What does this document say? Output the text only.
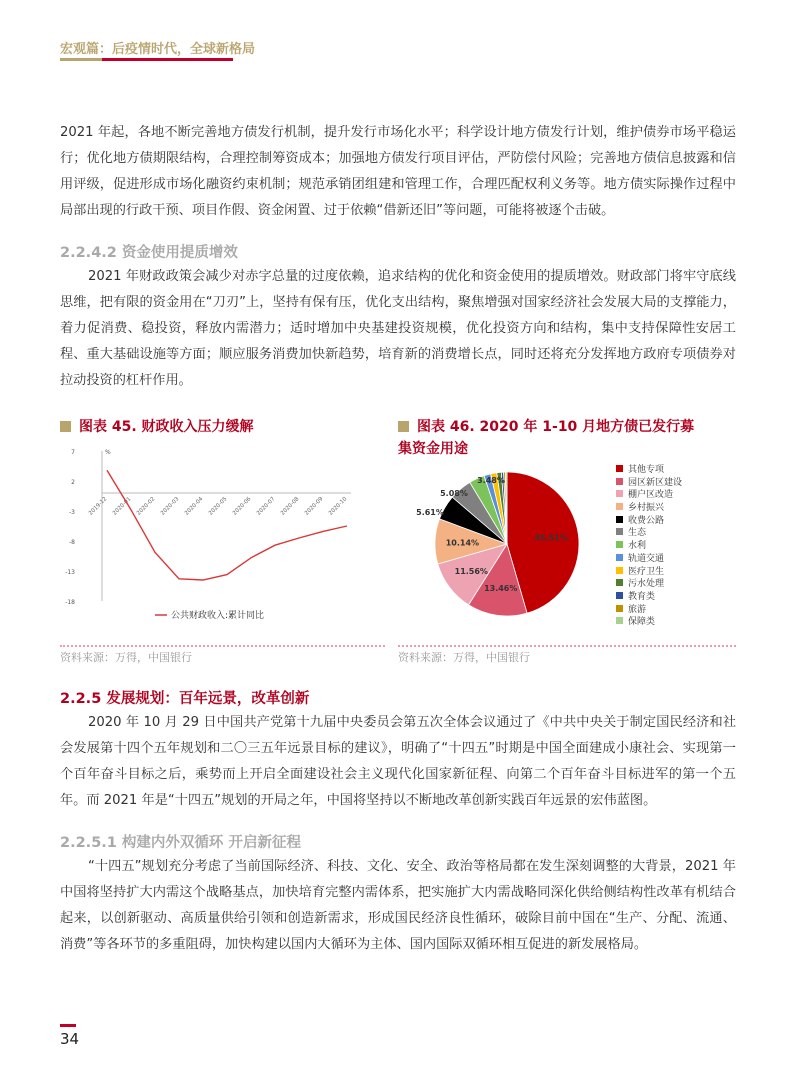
宏观篇：后疫情时代，全球新格局
2021 年起，各地不断完善地方债发行机制，提升发行市场化水平；科学设计地方债发行计划，维护债券市场平稳运行；优化地方债期限结构，合理控制筹资成本；加强地方债发行项目评估，严防偿付风险；完善地方债信息披露和信用评级，促进形成市场化融资约束机制；规范承销团组建和管理工作，合理匹配权利义务等。地方债实际操作过程中局部出现的行政干预、项目作假、资金闲置、过于依赖“借新还旧”等问题，可能将被逐个击破。
2.2.4.2 资金使用提质增效
2021 年财政政策会减少对赤字总量的过度依赖，追求结构的优化和资金使用的提质增效。财政部门将牢守底线思维，把有限的资金用在“刀刃”上，坚持有保有压，优化支出结构，聚焦增强对国家经济社会发展大局的支撑能力，着力促消费、稳投资，释放内需潜力；适时增加中央基建投资规模，优化投资方向和结构，集中支持保障性安居工程、重大基础设施等方面；顺应服务消费加快新趋势，培育新的消费增长点，同时还将充分发挥地方政府专项债券对拉动投资的杠杆作用。
图表 45. 财政收入压力缓解	图表 46. 2020 年 1-10 月地方债已发行募集资金用途
7
2
-3
-8
-13
-18
%
2019-12 2020-01 2020-02 2020-03 2020-04 2020-05 2020-06 2020-07 2020-08 2020-09 2020-10
公共财政收入:累计同比
45.51%
13.46%
11.56%
10.14%
5.61%
5.08%
3.48%
其他专项
园区新区建设
棚户区改造
乡村振兴
收费公路
生态
水利
轨道交通
医疗卫生
污水处理
教育类
旅游
保障类
资料来源：万得，中国银行	资料来源：万得，中国银行
2.2.5 发展规划：百年远景，改革创新
2020 年 10 月 29 日中国共产党第十九届中央委员会第五次全体会议通过了《中共中央关于制定国民经济和社会发展第十四个五年规划和二〇三五年远景目标的建议》，明确了“十四五”时期是中国全面建成小康社会、实现第一个百年奋斗目标之后，乘势而上开启全面建设社会主义现代化国家新征程、向第二个百年奋斗目标进军的第一个五年。而 2021 年是“十四五”规划的开局之年，中国将坚持以不断地改革创新实践百年远景的宏伟蓝图。
2.2.5.1 构建内外双循环 开启新征程
“十四五”规划充分考虑了当前国际经济、科技、文化、安全、政治等格局都在发生深刻调整的大背景，2021 年中国将坚持扩大内需这个战略基点，加快培育完整内需体系，把实施扩大内需战略同深化供给侧结构性改革有机结合起来，以创新驱动、高质量供给引领和创造新需求，形成国民经济良性循环，破除目前中国在“生产、分配、流通、消费”等各环节的多重阻碍，加快构建以国内大循环为主体、国内国际双循环相互促进的新发展格局。
34
